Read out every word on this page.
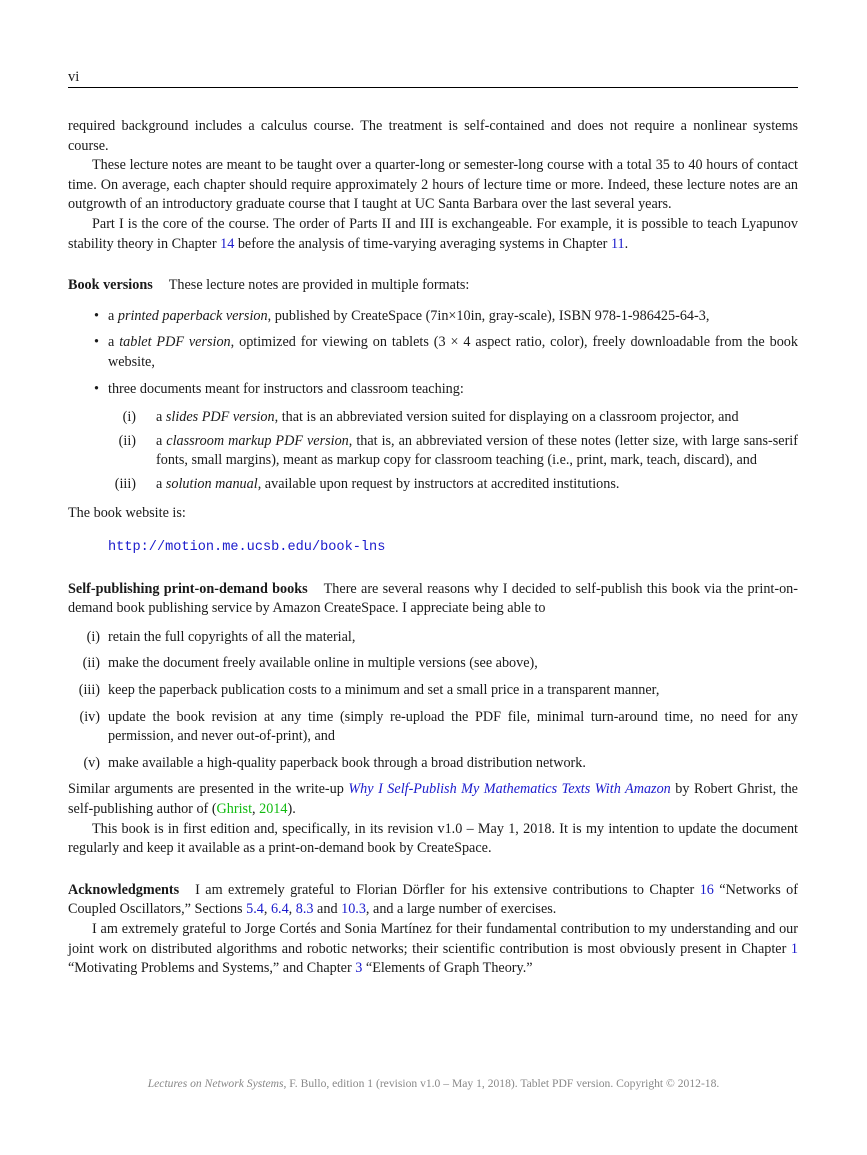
vi

required background includes a calculus course. The treatment is self-contained and does not require a nonlinear systems course.

These lecture notes are meant to be taught over a quarter-long or semester-long course with a total 35 to 40 hours of contact time. On average, each chapter should require approximately 2 hours of lecture time or more. Indeed, these lecture notes are an outgrowth of an introductory graduate course that I taught at UC Santa Barbara over the last several years.

Part I is the core of the course. The order of Parts II and III is exchangeable. For example, it is possible to teach Lyapunov stability theory in Chapter 14 before the analysis of time-varying averaging systems in Chapter 11.

Book versions These lecture notes are provided in multiple formats:

• a printed paperback version, published by CreateSpace (7in×10in, gray-scale), ISBN 978-1-986425-64-3,
• a tablet PDF version, optimized for viewing on tablets (3 × 4 aspect ratio, color), freely downloadable from the book website,
• three documents meant for instructors and classroom teaching:
(i) a slides PDF version, that is an abbreviated version suited for displaying on a classroom projector, and
(ii) a classroom markup PDF version, that is, an abbreviated version of these notes (letter size, with large sans-serif fonts, small margins), meant as markup copy for classroom teaching (i.e., print, mark, teach, discard), and
(iii) a solution manual, available upon request by instructors at accredited institutions.

The book website is:

http://motion.me.ucsb.edu/book-lns

Self-publishing print-on-demand books There are several reasons why I decided to self-publish this book via the print-on-demand book publishing service by Amazon CreateSpace. I appreciate being able to

(i) retain the full copyrights of all the material,
(ii) make the document freely available online in multiple versions (see above),
(iii) keep the paperback publication costs to a minimum and set a small price in a transparent manner,
(iv) update the book revision at any time (simply re-upload the PDF file, minimal turn-around time, no need for any permission, and never out-of-print), and
(v) make available a high-quality paperback book through a broad distribution network.

Similar arguments are presented in the write-up Why I Self-Publish My Mathematics Texts With Amazon by Robert Ghrist, the self-publishing author of (Ghrist, 2014).

This book is in first edition and, specifically, in its revision v1.0 – May 1, 2018. It is my intention to update the document regularly and keep it available as a print-on-demand book by CreateSpace.

Acknowledgments I am extremely grateful to Florian Dörfler for his extensive contributions to Chapter 16 “Networks of Coupled Oscillators,” Sections 5.4, 6.4, 8.3 and 10.3, and a large number of exercises.

I am extremely grateful to Jorge Cortés and Sonia Martínez for their fundamental contribution to my understanding and our joint work on distributed algorithms and robotic networks; their scientific contribution is most obviously present in Chapter 1 “Motivating Problems and Systems,” and Chapter 3 “Elements of Graph Theory.”

Lectures on Network Systems, F. Bullo, edition 1 (revision v1.0 – May 1, 2018). Tablet PDF version. Copyright © 2012-18.
